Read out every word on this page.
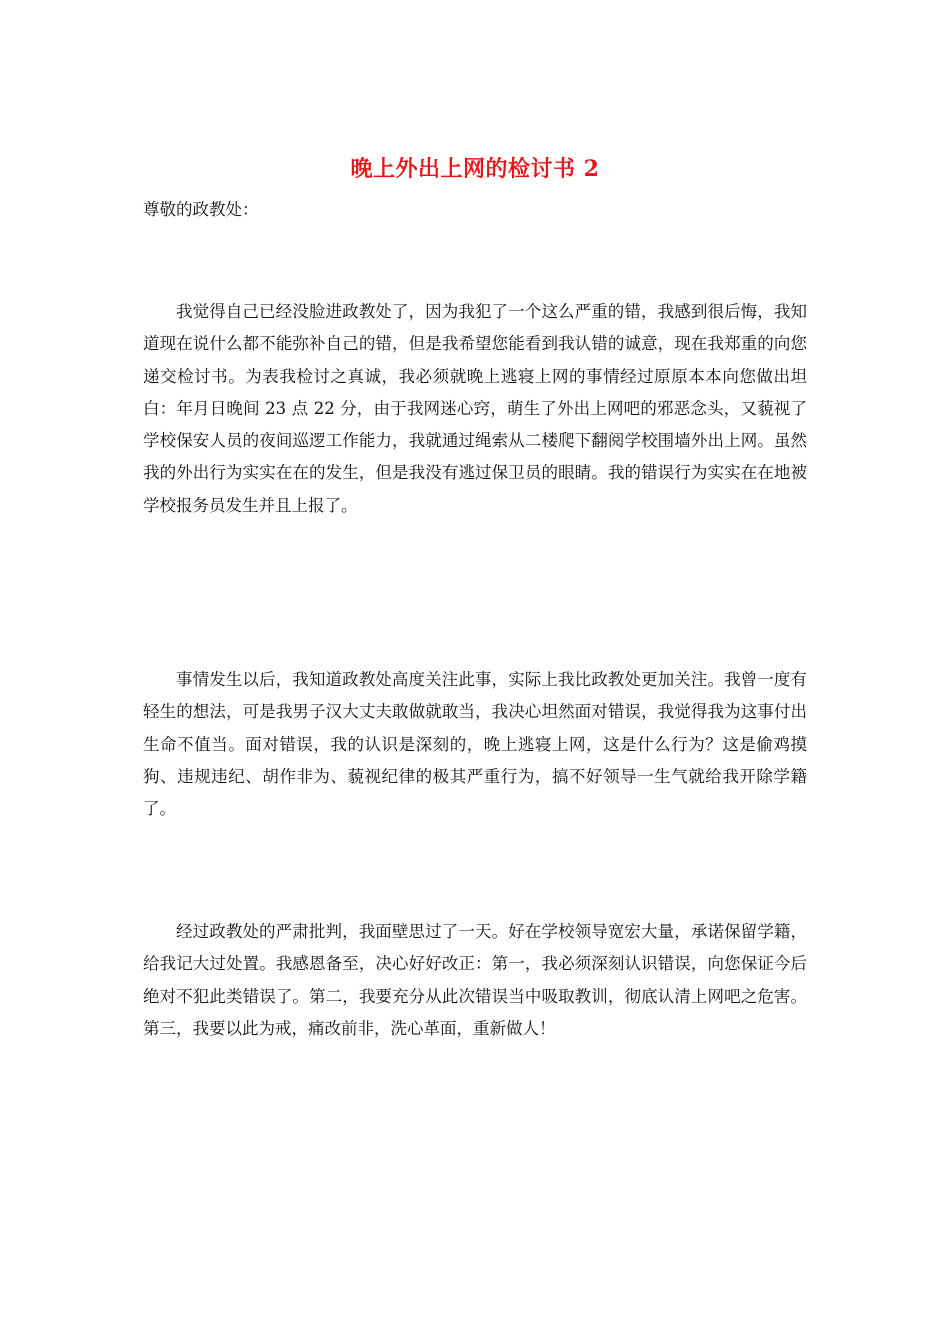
晚上外出上网的检讨书 2
尊敬的政教处：

我觉得自己已经没脸进政教处了，因为我犯了一个这么严重的错，我感到很后悔，我知道现在说什么都不能弥补自己的错，但是我希望您能看到我认错的诚意，现在我郑重的向您递交检讨书。为表我检讨之真诚，我必须就晚上逃寝上网的事情经过原原本本向您做出坦白：年月日晚间 23 点 22 分，由于我网迷心窍，萌生了外出上网吧的邪恶念头，又藐视了学校保安人员的夜间巡逻工作能力，我就通过绳索从二楼爬下翻阅学校围墙外出上网。虽然我的外出行为实实在在的发生，但是我没有逃过保卫员的眼睛。我的错误行为实实在在地被学校报务员发生并且上报了。

事情发生以后，我知道政教处高度关注此事，实际上我比政教处更加关注。我曾一度有轻生的想法，可是我男子汉大丈夫敢做就敢当，我决心坦然面对错误，我觉得我为这事付出生命不值当。面对错误，我的认识是深刻的，晚上逃寝上网，这是什么行为？这是偷鸡摸狗、违规违纪、胡作非为、藐视纪律的极其严重行为，搞不好领导一生气就给我开除学籍了。

经过政教处的严肃批判，我面壁思过了一天。好在学校领导宽宏大量，承诺保留学籍，给我记大过处置。我感恩备至，决心好好改正：第一，我必须深刻认识错误，向您保证今后绝对不犯此类错误了。第二，我要充分从此次错误当中吸取教训，彻底认清上网吧之危害。第三，我要以此为戒，痛改前非，洗心革面，重新做人！
